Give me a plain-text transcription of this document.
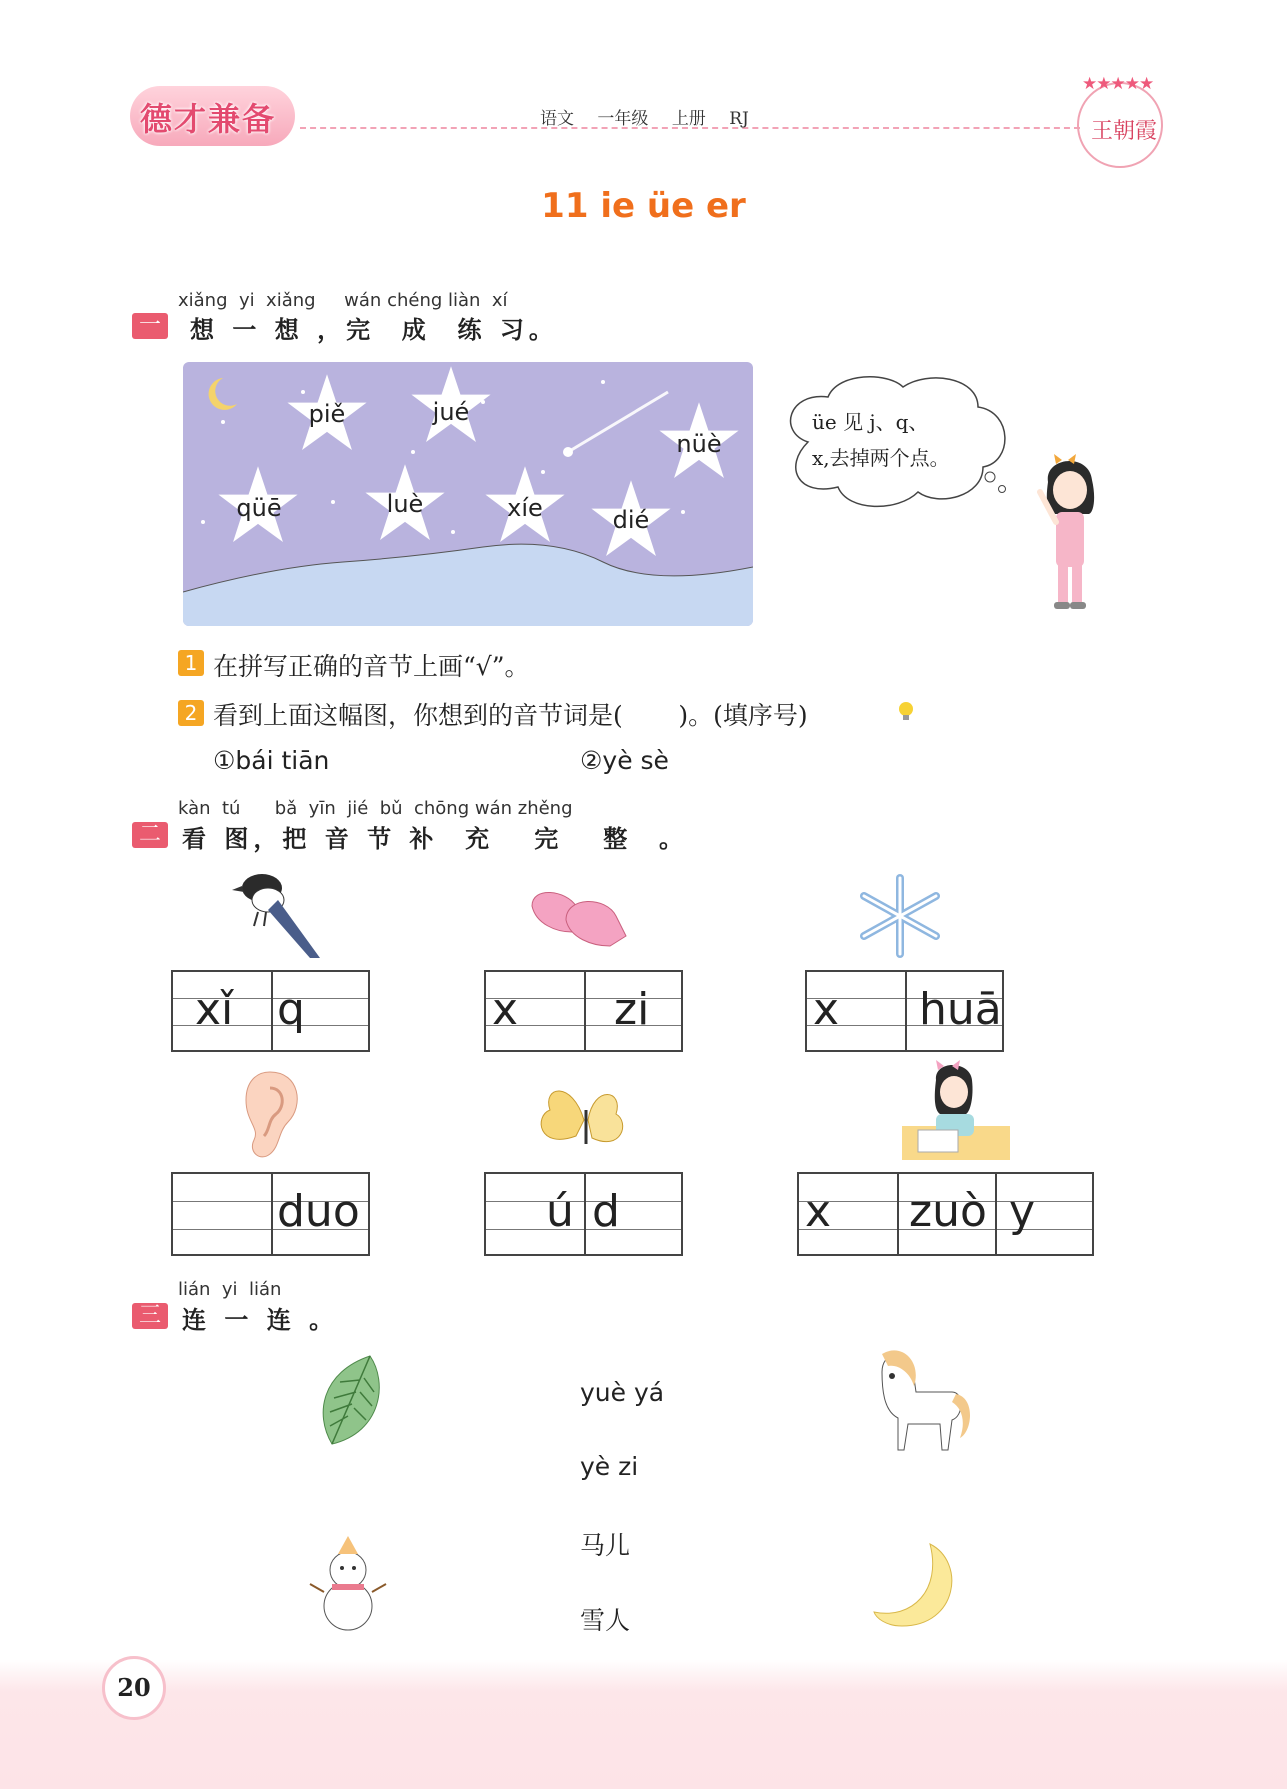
德才兼备	语文 一年级 上册 RJ
★★★★★
王朝霞
11 ie üe er
xiǎng  yi  xiǎng     wán chéng liàn  xí
一 想 一 想 ，完  成  练 习。
piě	jué
nüè
qüē	luè	xíe	dié
üe 见 j、q、
x,去掉两个点。
1 在拼写正确的音节上画“√”。
2 看到上面这幅图，你想到的音节词是(       )。(填序号)
①bái tiān	②yè sè
kàn  tú      bǎ  yīn  jié  bǔ  chōng wán zhěng
二 看 图，把 音 节 补  充   完   整  。
xǐ q	x zi	x huā
duo	ú d	x zuò y
lián  yi  lián
三 连 一 连 。
yuè yá
yè zi
马儿
雪人
20
